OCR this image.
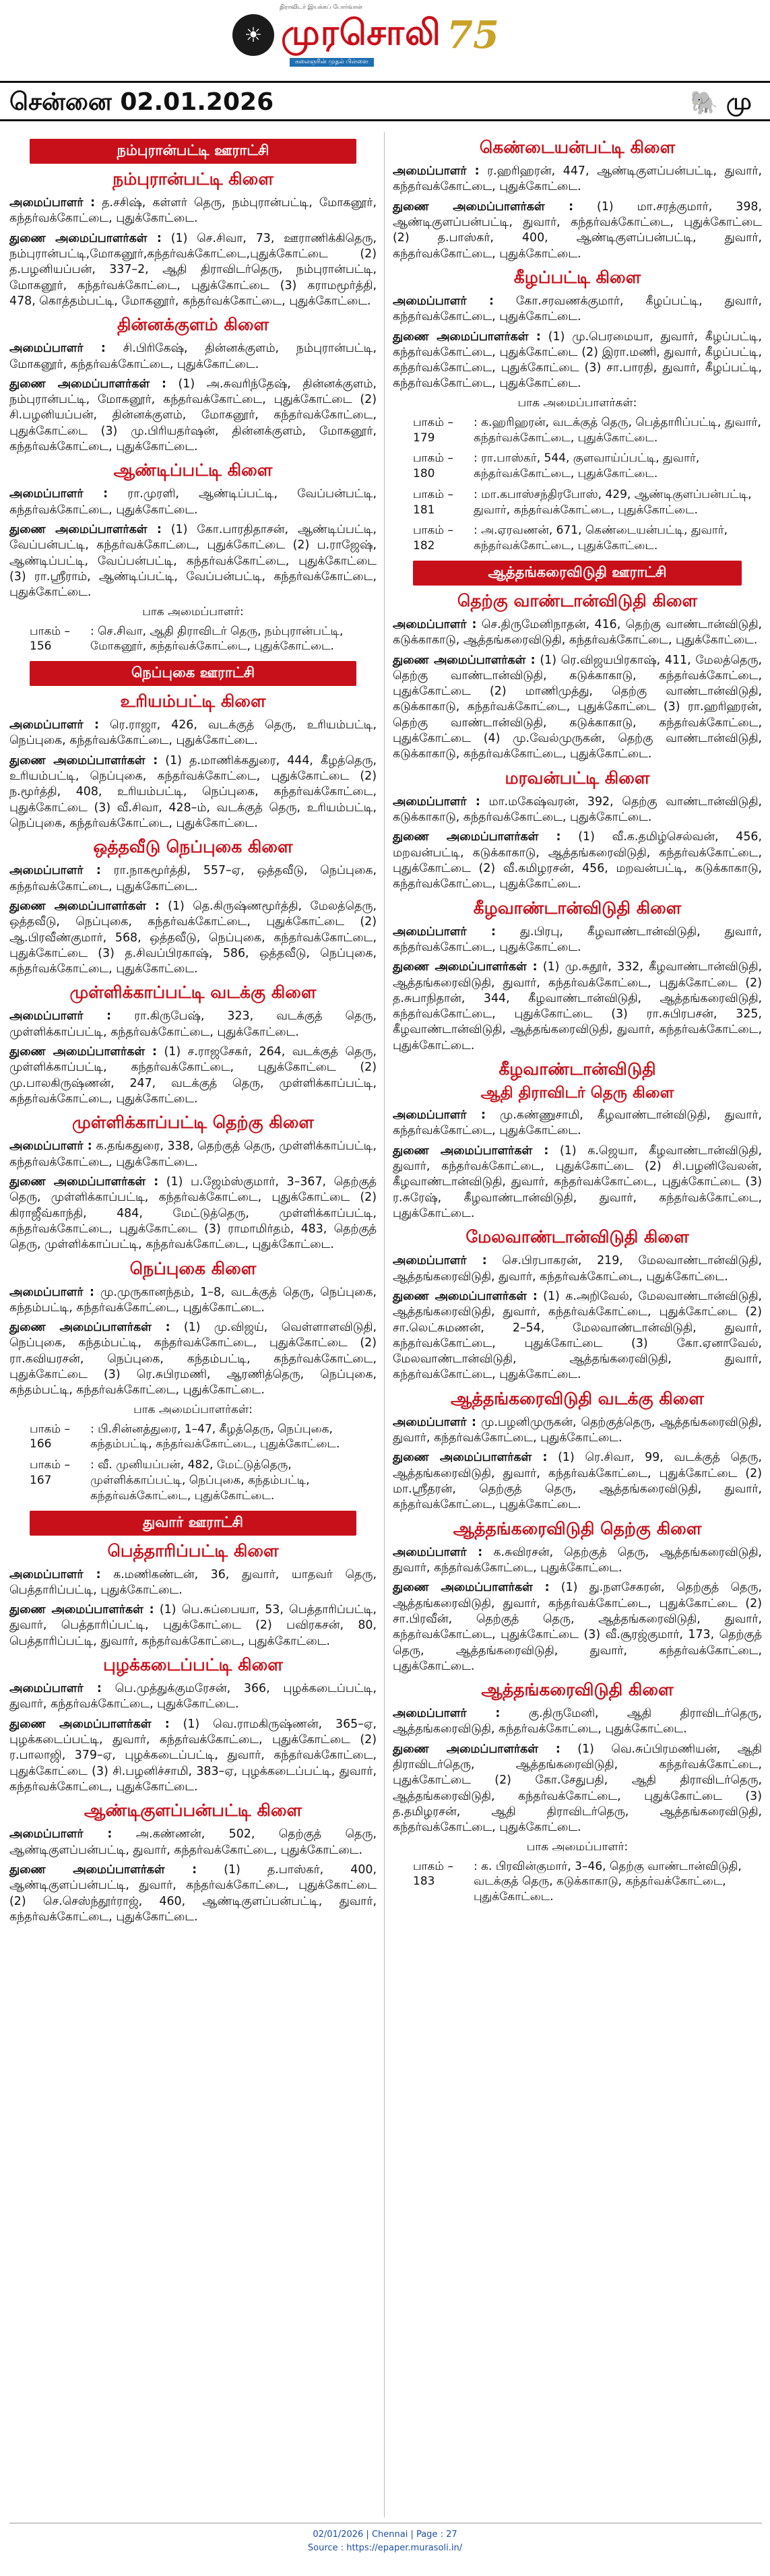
திராவிடர் இயக்கப் போர்வாள்
☀ முரசொலி 75
கலைஞரின் முதல் பிள்ளை
சென்னை 02.01.2026	🐘 மு
நம்புரான்பட்டி ஊராட்சி
நம்புரான்பட்டி கிளை

அமைப்பாளர் : த.சசிஷ், கள்ளர் தெரு, நம்புரான்பட்டி, மோகனூர், கந்தர்வக்கோட்டை, புதுக்கோட்டை.

துணை அமைப்பாளர்கள் : (1) செ.சிவா, 73, ஊராணிக்கிதெரு, நம்புரான்பட்டி,மோகனூர்,கந்தர்வக்கோட்டை,புதுக்கோட்டை (2) த.பழனியப்பன், 337–2, ஆதி திராவிடர்தெரு, நம்புரான்பட்டி, மோகனூர், கந்தர்வக்கோட்டை, புதுக்கோட்டை (3) கராமமூர்த்தி, 478, கொத்தம்பட்டி, மோகனூர், கந்தர்வக்கோட்டை, புதுக்கோட்டை.

தின்னக்குளம் கிளை

அமைப்பாளர் : சி.பிரிகேஷ், தின்னக்குளம், நம்புரான்பட்டி, மோகனூர், கந்தர்வக்கோட்டை, புதுக்கோட்டை.

துணை அமைப்பாளர்கள் : (1) அ.சுவரிந்தேஷ், தின்னக்குளம், நம்புரான்பட்டி, மோகனூர், கந்தர்வக்கோட்டை, புதுக்கோட்டை (2) சி.பழனியப்பன், தின்னக்குளம், மோகனூர், கந்தர்வக்கோட்டை, புதுக்கோட்டை (3) மு.பிரியதர்ஷன், தின்னக்குளம், மோகனூர், கந்தர்வக்கோட்டை, புதுக்கோட்டை.

ஆண்டிப்பட்டி கிளை

அமைப்பாளர் : ரா.முரளி, ஆண்டிப்பட்டி, வேப்பன்பட்டி, கந்தர்வக்கோட்டை, புதுக்கோட்டை.

துணை அமைப்பாளர்கள் : (1) கோ.பாரதிதாசன், ஆண்டிப்பட்டி, வேப்பன்பட்டி, கந்தர்வக்கோட்டை, புதுக்கோட்டை (2) ப.ராஜேஷ், ஆண்டிப்பட்டி, வேப்பன்பட்டி, கந்தர்வக்கோட்டை, புதுக்கோட்டை (3) ரா.ஸ்ரீராம், ஆண்டிப்பட்டி, வேப்பன்பட்டி, கந்தர்வக்கோட்டை, புதுக்கோட்டை.

பாக அமைப்பாளர்:
பாகம் – 156
: செ.சிவா, ஆதி திராவிடர் தெரு, நம்புரான்பட்டி, மோகனூர், கந்தர்வக்கோட்டை, புதுக்கோட்டை.
நெப்புகை ஊராட்சி
உரியம்பட்டி கிளை

அமைப்பாளர் : ரெ.ராஜா, 426, வடக்குத் தெரு, உரியம்பட்டி, நெப்புகை, கந்தர்வக்கோட்டை, புதுக்கோட்டை.

துணை அமைப்பாளர்கள் : (1) த.மாணிக்கதுரை, 444, கீழத்தெரு, உரியம்பட்டி, நெப்புகை, கந்தர்வக்கோட்டை, புதுக்கோட்டை (2) ந.மூர்த்தி, 408, உரியம்பட்டி, நெப்புகை, கந்தர்வக்கோட்டை, புதுக்கோட்டை (3) வீ.சிவா, 428–ம், வடக்குத் தெரு, உரியம்பட்டி, நெப்புகை, கந்தர்வக்கோட்டை, புதுக்கோட்டை.

ஒத்தவீடு நெப்புகை கிளை

அமைப்பாளர் : ரா.நாகமூர்த்தி, 557–ஏ, ஒத்தவீடு, நெப்புகை, கந்தர்வக்கோட்டை, புதுக்கோட்டை.

துணை அமைப்பாளர்கள் : (1) தெ.கிருஷ்ணமூர்த்தி, மேலத்தெரு, ஒத்தவீடு, நெப்புகை, கந்தர்வக்கோட்டை, புதுக்கோட்டை (2) ஆ.பிரவீண்குமார், 568, ஒத்தவீடு, நெப்புகை, கந்தர்வக்கோட்டை, புதுக்கோட்டை (3) த.சிவப்பிரகாஷ், 586, ஒத்தவீடு, நெப்புகை, கந்தர்வக்கோட்டை, புதுக்கோட்டை.

முள்ளிக்காப்பட்டி வடக்கு கிளை

அமைப்பாளர் : ரா.கிருபேஷ், 323, வடக்குத் தெரு, முள்ளிக்காப்பட்டி, கந்தர்வக்கோட்டை, புதுக்கோட்டை.

துணை அமைப்பாளர்கள் : (1) ச.ராஜசேகர், 264, வடக்குத் தெரு, முள்ளிக்காப்பட்டி, கந்தர்வக்கோட்டை, புதுக்கோட்டை (2) மு.பாலகிருஷ்ணன், 247, வடக்குத் தெரு, முள்ளிக்காப்பட்டி, கந்தர்வக்கோட்டை, புதுக்கோட்டை.

முள்ளிக்காப்பட்டி தெற்கு கிளை

அமைப்பாளர் : க.தங்கதுரை, 338, தெற்குத் தெரு, முள்ளிக்காப்பட்டி, கந்தர்வக்கோட்டை, புதுக்கோட்டை.

துணை அமைப்பாளர்கள் : (1) ப.ஜேம்ஸ்குமார், 3–367, தெற்குத் தெரு, முள்ளிக்காப்பட்டி, கந்தர்வக்கோட்டை, புதுக்கோட்டை (2) கிராஜீவ்காந்தி, 484, மேட்டுத்தெரு, முள்ளிக்காப்பட்டி, கந்தர்வக்கோட்டை, புதுக்கோட்டை (3) ராமாமிர்தம், 483, தெற்குத் தெரு, முள்ளிக்காப்பட்டி, கந்தர்வக்கோட்டை, புதுக்கோட்டை.

நெப்புகை கிளை

அமைப்பாளர் : மு.முருகானந்தம், 1–8, வடக்குத் தெரு, நெப்புகை, கந்தம்பட்டி, கந்தர்வக்கோட்டை, புதுக்கோட்டை.

துணை அமைப்பாளர்கள் : (1) மு.விஜய், வெள்ளாளவிடுதி, நெப்புகை, கந்தம்பட்டி, கந்தர்வக்கோட்டை, புதுக்கோட்டை (2) ரா.கவியரசன், நெப்புகை, கந்தம்பட்டி, கந்தர்வக்கோட்டை, புதுக்கோட்டை (3) ரெ.சுபிரமணி, ஆரணித்தெரு, நெப்புகை, கந்தம்பட்டி, கந்தர்வக்கோட்டை, புதுக்கோட்டை.

பாக அமைப்பாளர்கள்:
பாகம் – 166
: பி.சின்னத்துரை, 1–47, கீழத்தெரு, நெப்புகை, கந்தம்பட்டி, கந்தர்வக்கோட்டை, புதுக்கோட்டை.
பாகம் – 167
: வீ. முனியப்பன், 482, மேட்டுத்தெரு, முள்ளிக்காப்பட்டி, நெப்புகை, கந்தம்பட்டி, கந்தர்வக்கோட்டை, புதுக்கோட்டை.
துவார் ஊராட்சி
பெத்தாரிப்பட்டி கிளை

அமைப்பாளர் : க.மணிகண்டன், 36, துவார், யாதவர் தெரு, பெத்தாரிப்பட்டி, புதுக்கோட்டை.

துணை அமைப்பாளர்கள் : (1) பெ.சுப்பையா, 53, பெத்தாரிப்பட்டி, துவார், பெத்தாரிப்பட்டி, புதுக்கோட்டை (2) பவிரகசன், 80, பெத்தாரிப்பட்டி, துவார், கந்தர்வக்கோட்டை, புதுக்கோட்டை.

புழக்கடைப்பட்டி கிளை

அமைப்பாளர் : பெ.முத்துக்குமரேசன், 366, புழக்கடைப்பட்டி, துவார், கந்தர்வக்கோட்டை, புதுக்கோட்டை.

துணை அமைப்பாளர்கள் : (1) வெ.ராமகிருஷ்ணன், 365–ஏ, புழக்கடைப்பட்டி, துவார், கந்தர்வக்கோட்டை, புதுக்கோட்டை (2) ர.பாலாஜி, 379–ஏ, புழக்கடைப்பட்டி, துவார், கந்தர்வக்கோட்டை, புதுக்கோட்டை (3) சி.பழனிச்சாமி, 383–ஏ, புழக்கடைப்பட்டி, துவார், கந்தர்வக்கோட்டை, புதுக்கோட்டை.

ஆண்டிகுளப்பன்பட்டி கிளை

அமைப்பாளர் : அ.கண்ணன், 502, தெற்குத் தெரு, ஆண்டிகுளப்பன்பட்டி, துவார், கந்தர்வக்கோட்டை, புதுக்கோட்டை.

துணை அமைப்பாளர்கள் : (1) த.பாஸ்கர், 400, ஆண்டிகுளப்பன்பட்டி, துவார், கந்தர்வக்கோட்டை, புதுக்கோட்டை (2) செ.செஸ்ந்தூர்ராஜ், 460, ஆண்டிகுளப்பன்பட்டி, துவார், கந்தர்வக்கோட்டை, புதுக்கோட்டை.

கெண்டையன்பட்டி கிளை

அமைப்பாளர் : ர.ஹரிஹரன், 447, ஆண்டிகுளப்பன்பட்டி, துவார், கந்தர்வக்கோட்டை, புதுக்கோட்டை.

துணை அமைப்பாளர்கள் : (1) மா.சரத்குமார், 398, ஆண்டிகுளப்பன்பட்டி, துவார், கந்தர்வக்கோட்டை, புதுக்கோட்டை (2) த.பாஸ்கர், 400, ஆண்டிகுளப்பன்பட்டி, துவார், கந்தர்வக்கோட்டை, புதுக்கோட்டை.

கீழப்பட்டி கிளை

அமைப்பாளர் : கோ.சரவணக்குமார், கீழப்பட்டி, துவார், கந்தர்வக்கோட்டை, புதுக்கோட்டை.

துணை அமைப்பாளர்கள் : (1) மு.பெரமையா, துவார், கீழப்பட்டி, கந்தர்வக்கோட்டை, புதுக்கோட்டை (2) இரா.மணி, துவார், கீழப்பட்டி, கந்தர்வக்கோட்டை, புதுக்கோட்டை (3) சா.பாரதி, துவார், கீழப்பட்டி, கந்தர்வக்கோட்டை, புதுக்கோட்டை.

பாக அமைப்பாளர்கள்:
பாகம் – 179
: க.ஹரிஹரன், வடக்குத் தெரு, பெத்தாரிப்பட்டி, துவார், கந்தர்வக்கோட்டை, புதுக்கோட்டை.
பாகம் – 180
: ரா.பாஸ்கர், 544, குளவாய்ப்பட்டி, துவார், கந்தர்வக்கோட்டை, புதுக்கோட்டை.
பாகம் – 181
: மா.கபாஸ்சந்திரபோஸ், 429, ஆண்டிகுளப்பன்பட்டி, துவார், கந்தர்வக்கோட்டை, புதுக்கோட்டை.
பாகம் – 182
: அ.ஏரவணன், 671, கெண்டையன்பட்டி, துவார், கந்தர்வக்கோட்டை, புதுக்கோட்டை.
ஆத்தங்கரைவிடுதி ஊராட்சி
தெற்கு வாண்டான்விடுதி கிளை

அமைப்பாளர் : செ.திருமேனிநாதன், 416, தெற்கு வாண்டான்விடுதி, கடுக்காகாடு, ஆத்தங்கரைவிடுதி, கந்தர்வக்கோட்டை, புதுக்கோட்டை.

துணை அமைப்பாளர்கள் : (1) ரெ.விஜயபிரகாஷ், 411, மேலத்தெரு, தெற்கு வாண்டான்விடுதி, கடுக்காகாடு, கந்தர்வக்கோட்டை, புதுக்கோட்டை (2) மாணிமுத்து, தெற்கு வாண்டான்விடுதி, கடுக்காகாடு, கந்தர்வக்கோட்டை, புதுக்கோட்டை (3) ரா.ஹரிஹரன், தெற்கு வாண்டான்விடுதி, கடுக்காகாடு, கந்தர்வக்கோட்டை, புதுக்கோட்டை (4) மு.வேல்முருகன், தெற்கு வாண்டான்விடுதி, கடுக்காகாடு, கந்தர்வக்கோட்டை, புதுக்கோட்டை.

மரவன்பட்டி கிளை

அமைப்பாளர் : மா.மகேஷ்வரன், 392, தெற்கு வாண்டான்விடுதி, கடுக்காகாடு, கந்தர்வக்கோட்டை, புதுக்கோட்டை.

துணை அமைப்பாளர்கள் : (1) வீ.க.தமிழ்செல்வன், 456, மறவன்பட்டி, கடுக்காகாடு, ஆத்தங்கரைவிடுதி, கந்தர்வக்கோட்டை, புதுக்கோட்டை (2) வீ.கமிழரசன், 456, மறவன்பட்டி, கடுக்காகாடு, கந்தர்வக்கோட்டை, புதுக்கோட்டை.

கீழவாண்டான்விடுதி கிளை

அமைப்பாளர் : து.பிரபு, கீழவாண்டான்விடுதி, துவார், கந்தர்வக்கோட்டை, புதுக்கோட்டை.

துணை அமைப்பாளர்கள் : (1) மு.சுதூர், 332, கீழவாண்டான்விடுதி, ஆத்தங்கரைவிடுதி, துவார், கந்தர்வக்கோட்டை, புதுக்கோட்டை (2) த.சுபாநிதான், 344, கீழவாண்டான்விடுதி, ஆத்தங்கரைவிடுதி, கந்தர்வக்கோட்டை, புதுக்கோட்டை (3) ரா.சுபிரபசன், 325, கீழவாண்டான்விடுதி, ஆத்தங்கரைவிடுதி, துவார், கந்தர்வக்கோட்டை, புதுக்கோட்டை.

கீழவாண்டான்விடுதி
ஆதி திராவிடர் தெரு கிளை

அமைப்பாளர் : மு.கண்ணுசாமி, கீழவாண்டான்விடுதி, துவார், கந்தர்வக்கோட்டை, புதுக்கோட்டை.

துணை அமைப்பாளர்கள் : (1) க.ஜெயா, கீழவாண்டான்விடுதி, துவார், கந்தர்வக்கோட்டை, புதுக்கோட்டை (2) சி.பழனிவேலன், கீழவாண்டான்விடுதி, துவார், கந்தர்வக்கோட்டை, புதுக்கோட்டை (3) ர.சுரேஷ், கீழவாண்டான்விடுதி, துவார், கந்தர்வக்கோட்டை, புதுக்கோட்டை.

மேலவாண்டான்விடுதி கிளை

அமைப்பாளர் : செ.பிரபாகரன், 219, மேலவாண்டான்விடுதி, ஆத்தங்கரைவிடுதி, துவார், கந்தர்வக்கோட்டை, புதுக்கோட்டை.

துணை அமைப்பாளர்கள் : (1) க.அறிவேல், மேலவாண்டான்விடுதி, ஆத்தங்கரைவிடுதி, துவார், கந்தர்வக்கோட்டை, புதுக்கோட்டை (2) சா.லெட்சுமணன், 2–54, மேலவாண்டான்விடுதி, துவார், கந்தர்வக்கோட்டை, புதுக்கோட்டை (3) கோ.ஏனாவேல், மேலவாண்டான்விடுதி, ஆத்தங்கரைவிடுதி, துவார், கந்தர்வக்கோட்டை, புதுக்கோட்டை.

ஆத்தங்கரைவிடுதி வடக்கு கிளை

அமைப்பாளர் : மு.பழனிமுருகன், தெற்குத்தெரு, ஆத்தங்கரைவிடுதி, துவார், கந்தர்வக்கோட்டை, புதுக்கோட்டை.

துணை அமைப்பாளர்கள் : (1) ரெ.சிவா, 99, வடக்குத் தெரு, ஆத்தங்கரைவிடுதி, துவார், கந்தர்வக்கோட்டை, புதுக்கோட்டை (2) மா.ஸ்ரீதரன், தெற்குத் தெரு, ஆத்தங்கரைவிடுதி, துவார், கந்தர்வக்கோட்டை, புதுக்கோட்டை.

ஆத்தங்கரைவிடுதி தெற்கு கிளை

அமைப்பாளர் : க.சுவிரசன், தெற்குத் தெரு, ஆத்தங்கரைவிடுதி, துவார், கந்தர்வக்கோட்டை, புதுக்கோட்டை.

துணை அமைப்பாளர்கள் : (1) து.நளசேகரன், தெற்குத் தெரு, ஆத்தங்கரைவிடுதி, துவார், கந்தர்வக்கோட்டை, புதுக்கோட்டை (2) சா.பிரவீன், தெற்குத் தெரு, ஆத்தங்கரைவிடுதி, துவார், கந்தர்வக்கோட்டை, புதுக்கோட்டை (3) வீ.சூரஜ்குமார், 173, தெற்குத் தெரு, ஆத்தங்கரைவிடுதி, துவார், கந்தர்வக்கோட்டை, புதுக்கோட்டை.

ஆத்தங்கரைவிடுதி கிளை

அமைப்பாளர் : கு.திருமேனி, ஆதி திராவிடர்தெரு, ஆத்தங்கரைவிடுதி, கந்தர்வக்கோட்டை, புதுக்கோட்டை.

துணை அமைப்பாளர்கள் : (1) வெ.சுப்பிரமணியன், ஆதி திராவிடர்தெரு, ஆத்தங்கரைவிடுதி, கந்தர்வக்கோட்டை, புதுக்கோட்டை (2) கோ.சேதுபதி, ஆதி திராவிடர்தெரு, ஆத்தங்கரைவிடுதி, கந்தர்வக்கோட்டை, புதுக்கோட்டை (3) த.தமிழரசன், ஆதி திராவிடர்தெரு, ஆத்தங்கரைவிடுதி, கந்தர்வக்கோட்டை, புதுக்கோட்டை.

பாக அமைப்பாளர்:
பாகம் – 183
: க. பிரவின்குமார், 3–46, தெற்கு வாண்டான்விடுதி, வடக்குத் தெரு, கடுக்காகாடு, கந்தர்வக்கோட்டை, புதுக்கோட்டை.
02/01/2026 | Chennai | Page : 27
Source : https://epaper.murasoli.in/
